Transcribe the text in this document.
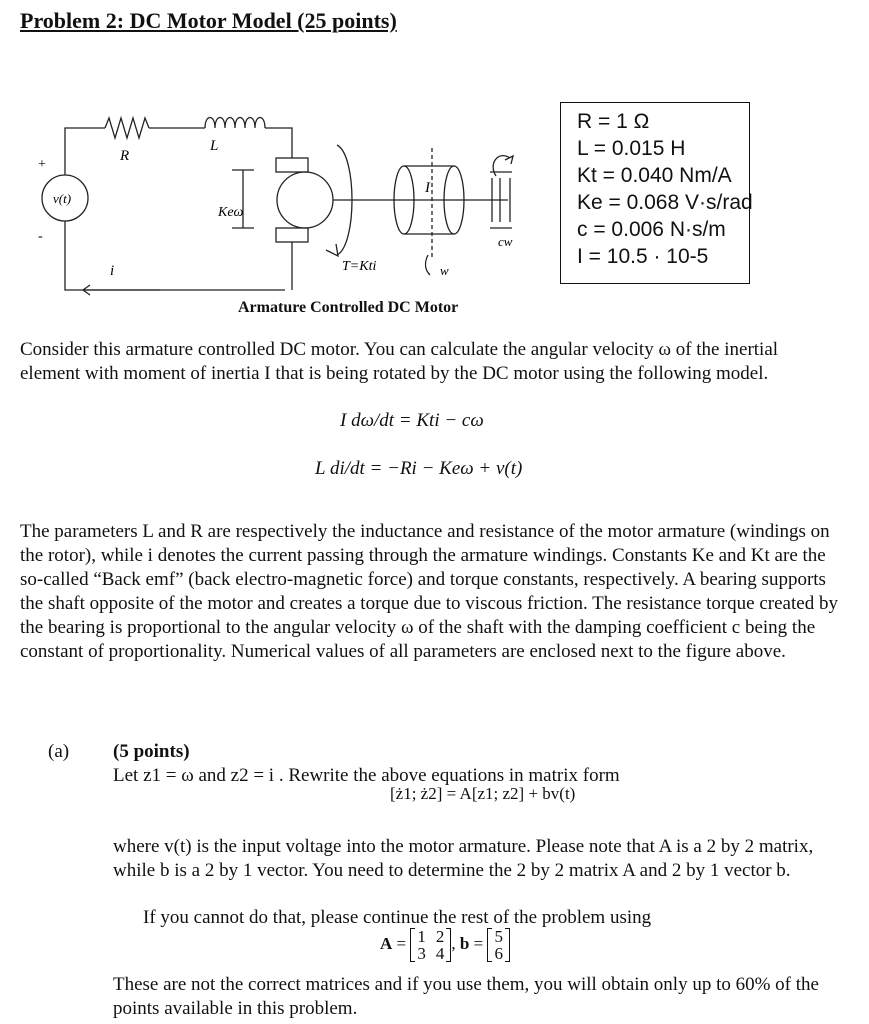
Problem 2: DC Motor Model (25 points)
R
L
v(t)
+
-
i
Keω
T=Kti
I
cw
w
Armature Controlled DC Motor
R = 1 Ω
L = 0.015 H
Kt = 0.040 Nm/A
Ke = 0.068 V·s/rad
c = 0.006 N·s/m
I = 10.5 · 10-5
Consider this armature controlled DC motor. You can calculate the angular velocity ω of the inertial element with moment of inertia I that is being rotated by the DC motor using the following model.
I dω/dt = Kti − cω
L di/dt = −Ri − Keω + v(t)
The parameters L and R are respectively the inductance and resistance of the motor armature (windings on the rotor), while i denotes the current passing through the armature windings. Constants Ke and Kt are the so-called “Back emf” (back electro-magnetic force) and torque constants, respectively. A bearing supports the shaft opposite of the motor and creates a torque due to viscous friction. The resistance torque created by the bearing is proportional to the angular velocity ω of the shaft with the damping coefficient c being the constant of proportionality. Numerical values of all parameters are enclosed next to the figure above.
(a) (5 points)
Let z1 = ω and z2 = i . Rewrite the above equations in matrix form
[ż1; ż2] = A[z1; z2] + bv(t)
where v(t) is the input voltage into the motor armature. Please note that A is a 2 by 2 matrix, while b is a 2 by 1 vector. You need to determine the 2 by 2 matrix A and 2 by 1 vector b.
If you cannot do that, please continue the rest of the problem using
A = 1 2
3 4
, b = 5
6
These are not the correct matrices and if you use them, you will obtain only up to 60% of the points available in this problem.
